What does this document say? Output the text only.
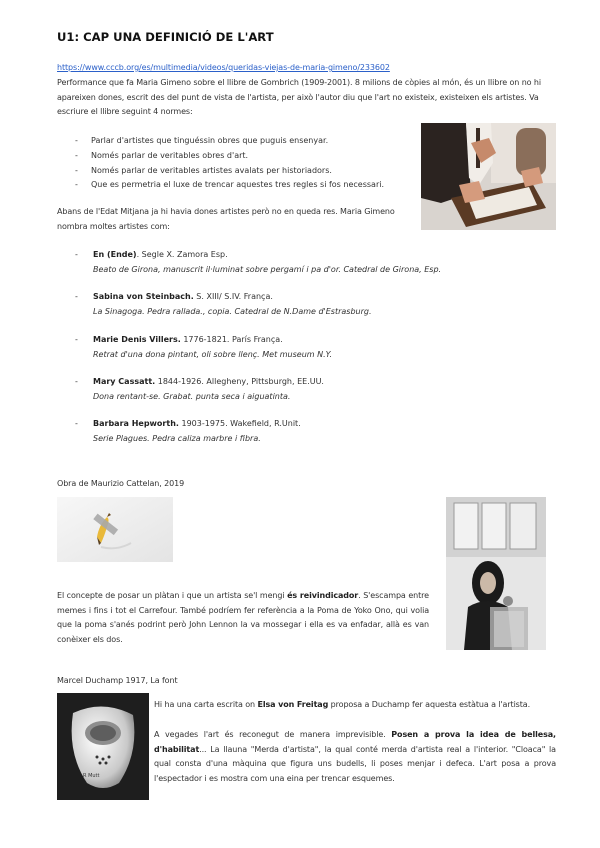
U1: CAP UNA DEFINICIÓ DE L'ART
https://www.cccb.org/es/multimedia/videos/queridas-viejas-de-maria-gimeno/233602
Performance que fa Maria Gimeno sobre el llibre de Gombrich (1909-2001). 8 milions de còpies al món, és un llibre on no hi apareixen dones, escrit des del punt de vista de l'artista, per això l'autor diu que l'art no existeix, existeixen els artistes. Va escriure el llibre seguint 4 normes:
- Parlar d'artistes que tinguéssin obres que puguis ensenyar.
- Només parlar de veritables obres d'art.
- Només parlar de veritables artistes avalats per historiadors.
- Que es permetria el luxe de trencar aquestes tres regles si fos necessari.
Abans de l'Edat Mitjana ja hi havia dones artistes però no en queda res. Maria Gimeno nombra moltes artistes com:
-	En (Ende). Segle X. Zamora Esp.
Beato de Girona, manuscrit il·luminat sobre pergamí i pa d'or. Catedral de Girona, Esp.
-	Sabina von Steinbach. S. XIII/ S.IV. França.
La Sinagoga. Pedra rallada., copia. Catedral de N.Dame d'Estrasburg.
-	Marie Denis Villers. 1776-1821. París França.
Retrat d'una dona pintant, oli sobre llenç. Met museum N.Y.
-	Mary Cassatt. 1844-1926. Allegheny, Pittsburgh, EE.UU.
Dona rentant-se. Grabat. punta seca i aiguatinta.
-	Barbara Hepworth. 1903-1975. Wakefield, R.Unit.
Serie Plagues. Pedra caliza marbre i fibra.
Obra de Maurizio Cattelan, 2019
El concepte de posar un plàtan i que un artista se'l mengi és reivindicador. S'escampa entre memes i fins i tot el Carrefour. També podríem fer referència a la Poma de Yoko Ono, qui volia que la poma s'anés podrint però John Lennon la va mossegar i ella es va enfadar, allà es van conèixer els dos.
Marcel Duchamp 1917, La font
R Mutt
Hi ha una carta escrita on Elsa von Freitag proposa a Duchamp fer aquesta estàtua a l'artista.
A vegades l'art és reconegut de manera imprevisible. Posen a prova la idea de bellesa, d'habilitat... La llauna "Merda d'artista", la qual conté merda d'artista real a l'interior. "Cloaca" la qual consta d'una màquina que figura uns budells, li poses menjar i defeca. L'art posa a prova l'espectador i es mostra com una eina per trencar esquemes.
